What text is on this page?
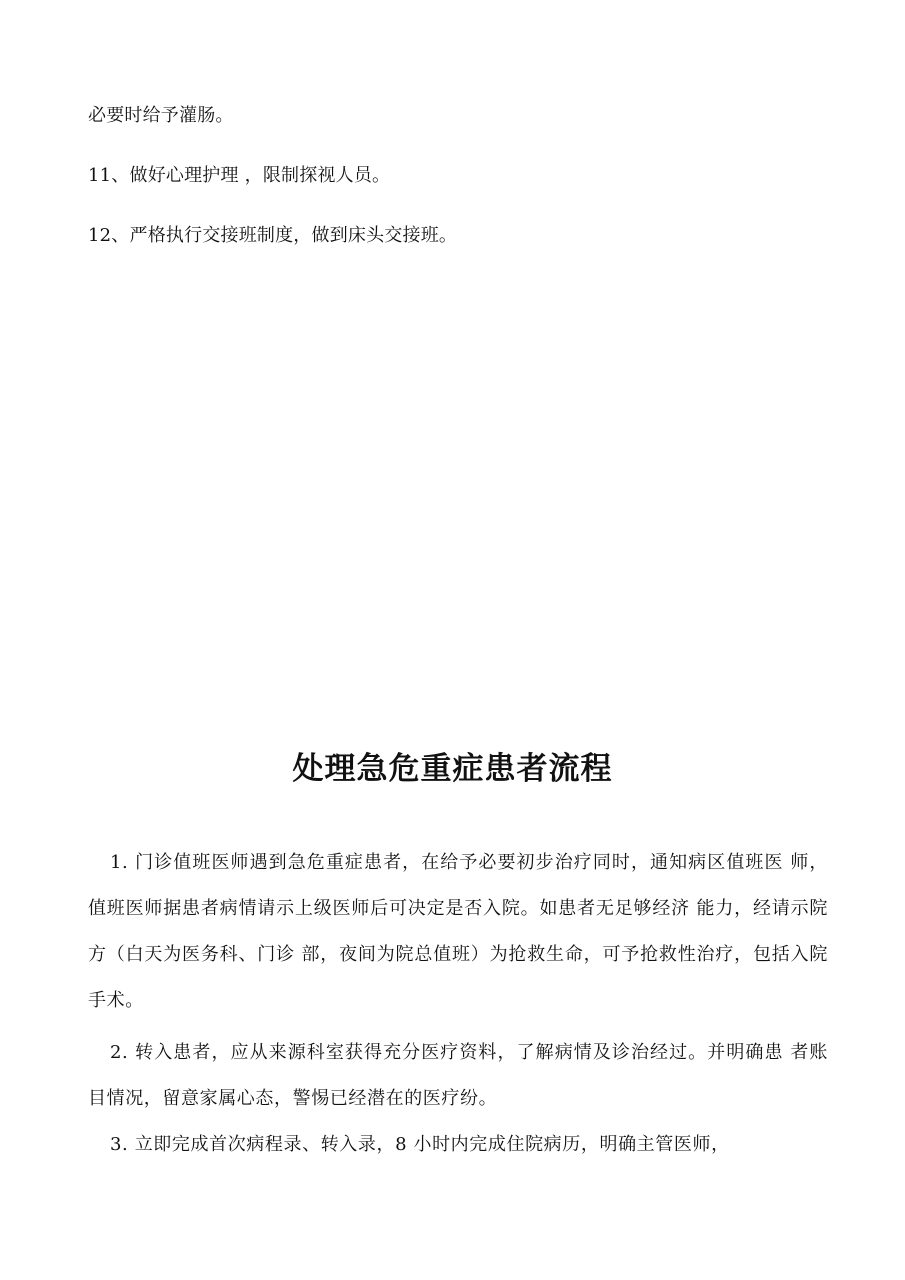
必要时给予灌肠。
11、做好心理护理 ，限制探视人员。
12、严格执行交接班制度，做到床头交接班。
处理急危重症患者流程
1. 门诊值班医师遇到急危重症患者，在给予必要初步治疗同时，通知病区值班医 师，值班医师据患者病情请示上级医师后可决定是否入院。如患者无足够经济 能力，经请示院方（白天为医务科、门诊 部，夜间为院总值班）为抢救生命，可予抢救性治疗，包括入院手术。
2. 转入患者，应从来源科室获得充分医疗资料，了解病情及诊治经过。并明确患 者账目情况，留意家属心态，警惕已经潜在的医疗纷。
3. 立即完成首次病程录、转入录，8 小时内完成住院病历，明确主管医师，
